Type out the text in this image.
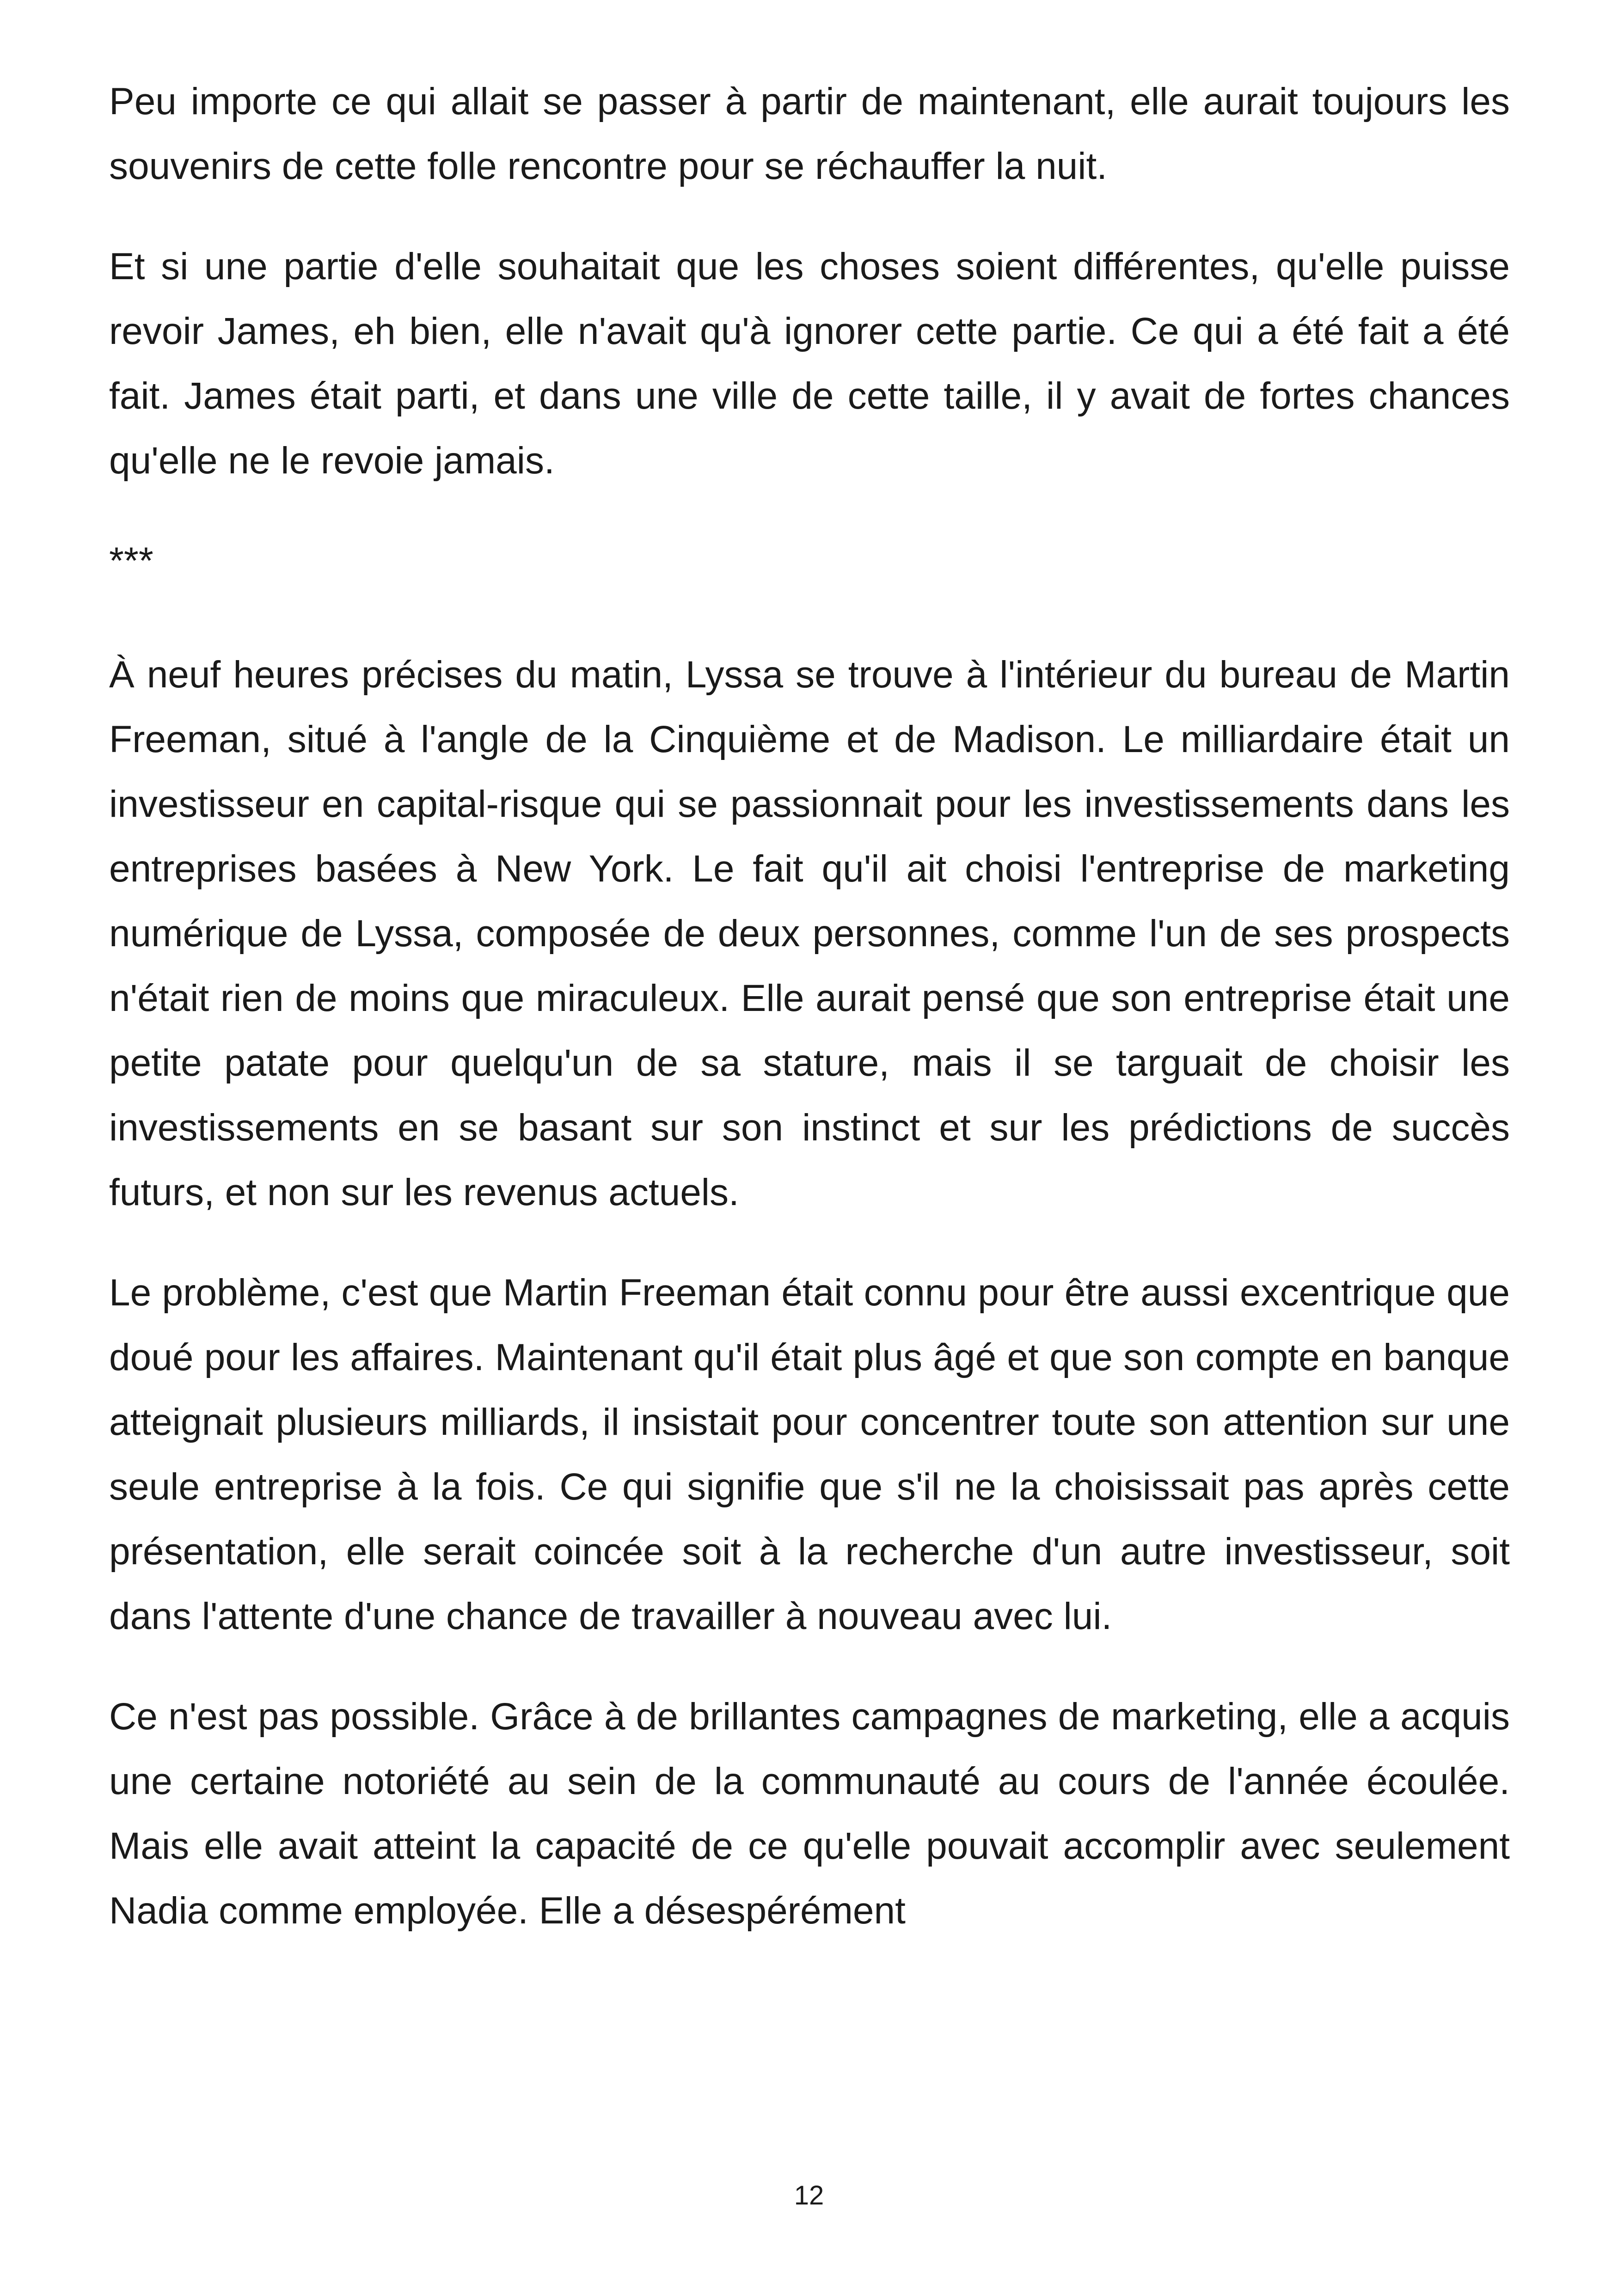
Peu importe ce qui allait se passer à partir de maintenant, elle aurait toujours les souvenirs de cette folle rencontre pour se réchauffer la nuit.

Et si une partie d'elle souhaitait que les choses soient différentes, qu'elle puisse revoir James, eh bien, elle n'avait qu'à ignorer cette partie. Ce qui a été fait a été fait. James était parti, et dans une ville de cette taille, il y avait de fortes chances qu'elle ne le revoie jamais.

***

À neuf heures précises du matin, Lyssa se trouve à l'intérieur du bureau de Martin Freeman, situé à l'angle de la Cinquième et de Madison. Le milliardaire était un investisseur en capital-risque qui se passionnait pour les investissements dans les entreprises basées à New York. Le fait qu'il ait choisi l'entreprise de marketing numérique de Lyssa, composée de deux personnes, comme l'un de ses prospects n'était rien de moins que miraculeux. Elle aurait pensé que son entreprise était une petite patate pour quelqu'un de sa stature, mais il se targuait de choisir les investissements en se basant sur son instinct et sur les prédictions de succès futurs, et non sur les revenus actuels.

Le problème, c'est que Martin Freeman était connu pour être aussi excentrique que doué pour les affaires. Maintenant qu'il était plus âgé et que son compte en banque atteignait plusieurs milliards, il insistait pour concentrer toute son attention sur une seule entreprise à la fois. Ce qui signifie que s'il ne la choisissait pas après cette présentation, elle serait coincée soit à la recherche d'un autre investisseur, soit dans l'attente d'une chance de travailler à nouveau avec lui.

Ce n'est pas possible. Grâce à de brillantes campagnes de marketing, elle a acquis une certaine notoriété au sein de la communauté au cours de l'année écoulée. Mais elle avait atteint la capacité de ce qu'elle pouvait accomplir avec seulement Nadia comme employée. Elle a désespérément

12
